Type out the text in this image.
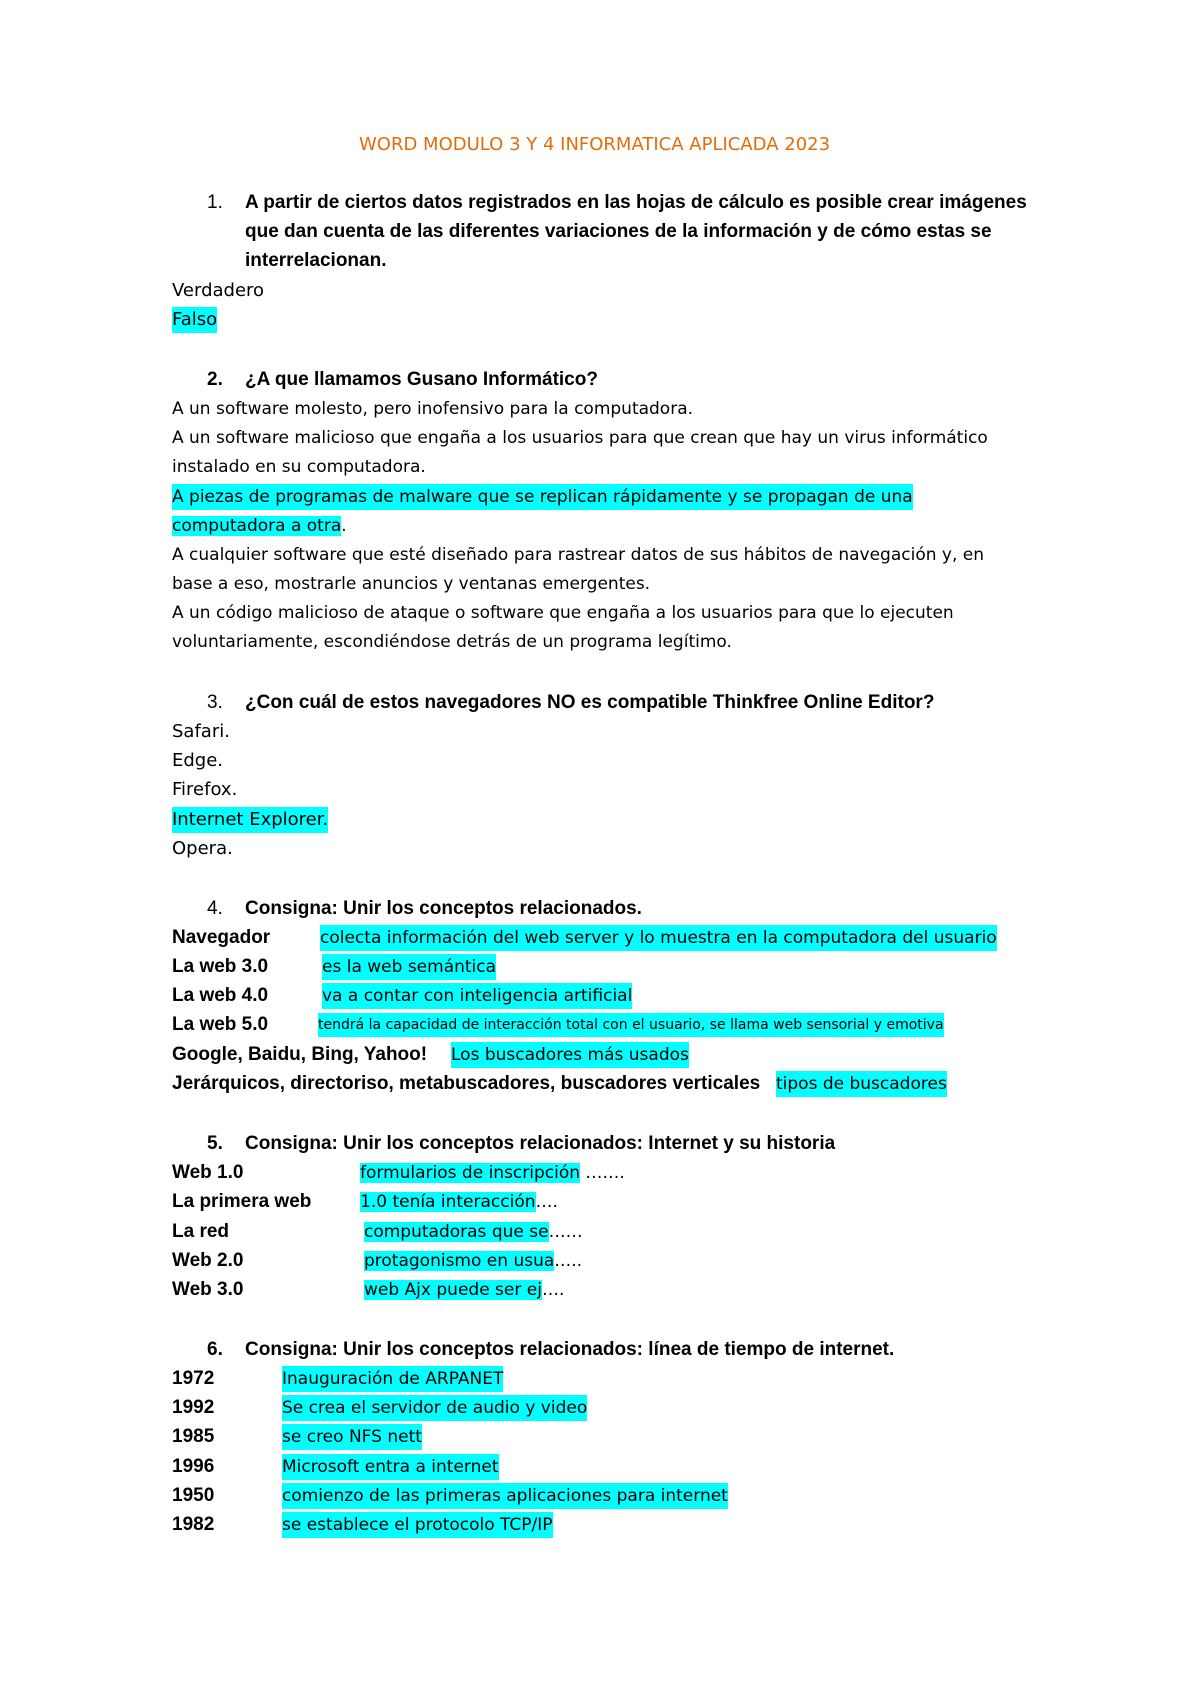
WORD MODULO 3 Y 4 INFORMATICA APLICADA 2023
1. A partir de ciertos datos registrados en las hojas de cálculo es posible crear imágenes
que dan cuenta de las diferentes variaciones de la información y de cómo estas se
interrelacionan.
Verdadero
Falso
2. ¿A que llamamos Gusano Informático?
A un software molesto, pero inofensivo para la computadora.
A un software malicioso que engaña a los usuarios para que crean que hay un virus informático
instalado en su computadora.
A piezas de programas de malware que se replican rápidamente y se propagan de una
computadora a otra.
A cualquier software que esté diseñado para rastrear datos de sus hábitos de navegación y, en
base a eso, mostrarle anuncios y ventanas emergentes.
A un código malicioso de ataque o software que engaña a los usuarios para que lo ejecuten
voluntariamente, escondiéndose detrás de un programa legítimo.
3. ¿Con cuál de estos navegadores NO es compatible Thinkfree Online Editor?
Safari.
Edge.
Firefox.
Internet Explorer.
Opera.
4. Consigna: Unir los conceptos relacionados.
Navegador	colecta información del web server y lo muestra en la computadora del usuario
La web 3.0	es la web semántica
La web 4.0	va a contar con inteligencia artificial
La web 5.0	tendrá la capacidad de interacción total con el usuario, se llama web sensorial y emotiva
Google, Baidu, Bing, Yahoo! Los buscadores más usados
Jerárquicos, directoriso, metabuscadores, buscadores verticales tipos de buscadores
5. Consigna: Unir los conceptos relacionados: Internet y su historia
Web 1.0	formularios de inscripción …….
La primera web	1.0 tenía interacción….
La red	computadoras que se……
Web 2.0	protagonismo en usua…..
Web 3.0	web Ajx puede ser ej….
6. Consigna: Unir los conceptos relacionados: línea de tiempo de internet.
1972	Inauguración de ARPANET
1992	Se crea el servidor de audio y video
1985	se creo NFS nett
1996	Microsoft entra a internet
1950	comienzo de las primeras aplicaciones para internet
1982	se establece el protocolo TCP/IP
